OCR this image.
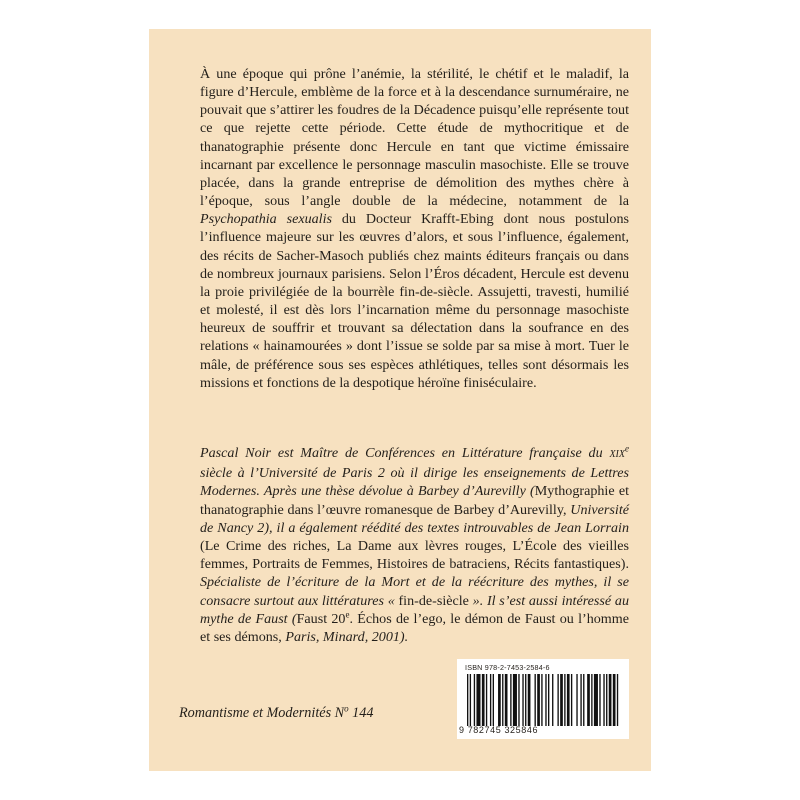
À une époque qui prône l’anémie, la stérilité, le chétif et le maladif, la figure d’Hercule, emblème de la force et à la descendance surnuméraire, ne pouvait que s’attirer les foudres de la Décadence puisqu’elle représente tout ce que rejette cette période. Cette étude de mythocritique et de thanatographie présente donc Hercule en tant que victime émissaire incarnant par excellence le personnage masculin masochiste. Elle se trouve placée, dans la grande entreprise de démolition des mythes chère à l’époque, sous l’angle double de la médecine, notamment de la Psychopathia sexualis du Docteur Krafft-Ebing dont nous postulons l’influence majeure sur les œuvres d’alors, et sous l’influence, également, des récits de Sacher-Masoch publiés chez maints éditeurs français ou dans de nombreux journaux parisiens. Selon l’Éros décadent, Hercule est devenu la proie privilégiée de la bourrèle fin-de-siècle. Assujetti, travesti, humilié et molesté, il est dès lors l’incarnation même du personnage masochiste heureux de souffrir et trouvant sa délectation dans la soufrance en des relations « hainamourées » dont l’issue se solde par sa mise à mort. Tuer le mâle, de préférence sous ses espèces athlétiques, telles sont désormais les missions et fonctions de la despotique héroïne finiséculaire.

Pascal Noir est Maître de Conférences en Littérature française du XIXe siècle à l’Université de Paris 2 où il dirige les enseignements de Lettres Modernes. Après une thèse dévolue à Barbey d’Aurevilly (Mythographie et thanatographie dans l’œuvre romanesque de Barbey d’Aurevilly, Université de Nancy 2), il a également réédité des textes introuvables de Jean Lorrain (Le Crime des riches, La Dame aux lèvres rouges, L’École des vieilles femmes, Portraits de Femmes, Histoires de batraciens, Récits fantastiques). Spécialiste de l’écriture de la Mort et de la réécriture des mythes, il se consacre surtout aux littératures « fin-de-siècle ». Il s’est aussi intéressé au mythe de Faust (Faust 20e. Échos de l’ego, le démon de Faust ou l’homme et ses démons, Paris, Minard, 2001).

Romantisme et Modernités $N^o$ 144
ISBN 978-2-7453-2584-6
9 782745 325846
